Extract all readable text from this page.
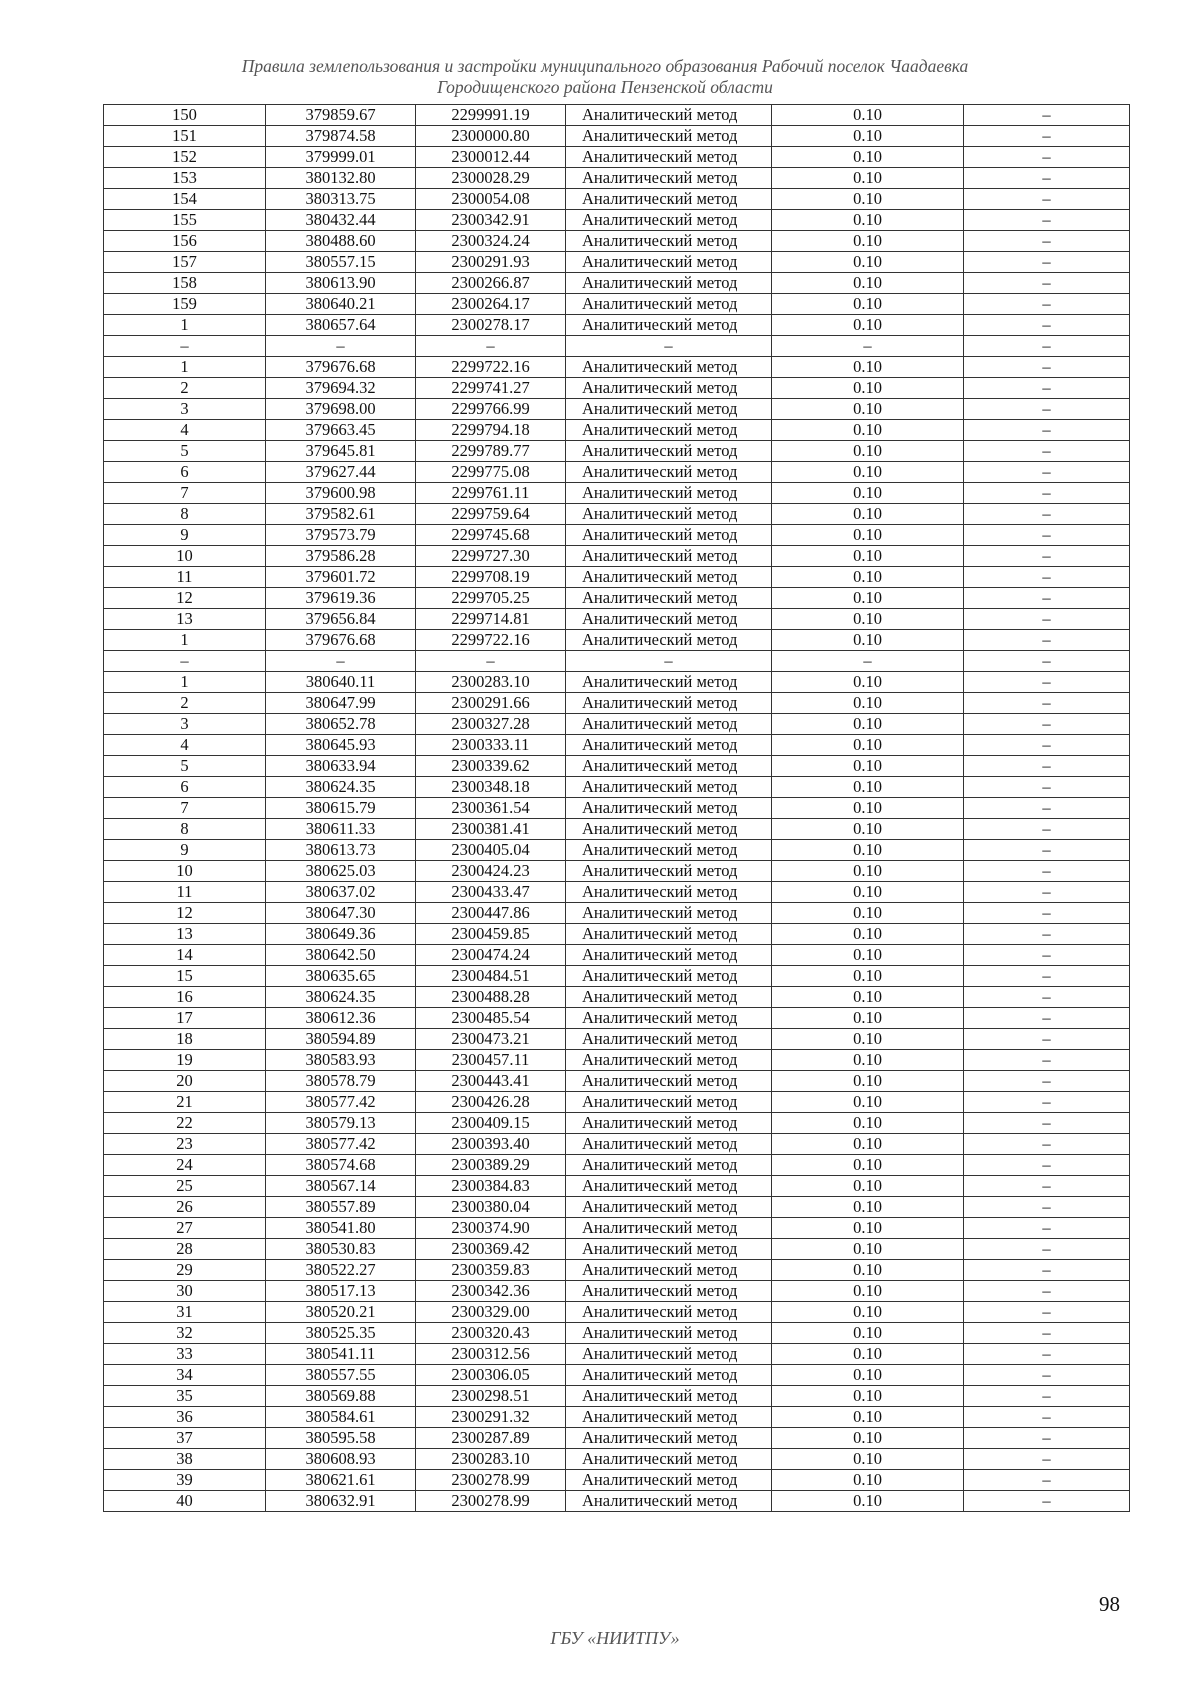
Правила землепользования и застройки муниципального образования Рабочий поселок Чаадаевка
Городищенского района Пензенской области
150	379859.67	2299991.19	Аналитический метод	0.10	–
151	379874.58	2300000.80	Аналитический метод	0.10	–
152	379999.01	2300012.44	Аналитический метод	0.10	–
153	380132.80	2300028.29	Аналитический метод	0.10	–
154	380313.75	2300054.08	Аналитический метод	0.10	–
155	380432.44	2300342.91	Аналитический метод	0.10	–
156	380488.60	2300324.24	Аналитический метод	0.10	–
157	380557.15	2300291.93	Аналитический метод	0.10	–
158	380613.90	2300266.87	Аналитический метод	0.10	–
159	380640.21	2300264.17	Аналитический метод	0.10	–
1	380657.64	2300278.17	Аналитический метод	0.10	–
–	–	–	–	–	–
1	379676.68	2299722.16	Аналитический метод	0.10	–
2	379694.32	2299741.27	Аналитический метод	0.10	–
3	379698.00	2299766.99	Аналитический метод	0.10	–
4	379663.45	2299794.18	Аналитический метод	0.10	–
5	379645.81	2299789.77	Аналитический метод	0.10	–
6	379627.44	2299775.08	Аналитический метод	0.10	–
7	379600.98	2299761.11	Аналитический метод	0.10	–
8	379582.61	2299759.64	Аналитический метод	0.10	–
9	379573.79	2299745.68	Аналитический метод	0.10	–
10	379586.28	2299727.30	Аналитический метод	0.10	–
11	379601.72	2299708.19	Аналитический метод	0.10	–
12	379619.36	2299705.25	Аналитический метод	0.10	–
13	379656.84	2299714.81	Аналитический метод	0.10	–
1	379676.68	2299722.16	Аналитический метод	0.10	–
–	–	–	–	–	–
1	380640.11	2300283.10	Аналитический метод	0.10	–
2	380647.99	2300291.66	Аналитический метод	0.10	–
3	380652.78	2300327.28	Аналитический метод	0.10	–
4	380645.93	2300333.11	Аналитический метод	0.10	–
5	380633.94	2300339.62	Аналитический метод	0.10	–
6	380624.35	2300348.18	Аналитический метод	0.10	–
7	380615.79	2300361.54	Аналитический метод	0.10	–
8	380611.33	2300381.41	Аналитический метод	0.10	–
9	380613.73	2300405.04	Аналитический метод	0.10	–
10	380625.03	2300424.23	Аналитический метод	0.10	–
11	380637.02	2300433.47	Аналитический метод	0.10	–
12	380647.30	2300447.86	Аналитический метод	0.10	–
13	380649.36	2300459.85	Аналитический метод	0.10	–
14	380642.50	2300474.24	Аналитический метод	0.10	–
15	380635.65	2300484.51	Аналитический метод	0.10	–
16	380624.35	2300488.28	Аналитический метод	0.10	–
17	380612.36	2300485.54	Аналитический метод	0.10	–
18	380594.89	2300473.21	Аналитический метод	0.10	–
19	380583.93	2300457.11	Аналитический метод	0.10	–
20	380578.79	2300443.41	Аналитический метод	0.10	–
21	380577.42	2300426.28	Аналитический метод	0.10	–
22	380579.13	2300409.15	Аналитический метод	0.10	–
23	380577.42	2300393.40	Аналитический метод	0.10	–
24	380574.68	2300389.29	Аналитический метод	0.10	–
25	380567.14	2300384.83	Аналитический метод	0.10	–
26	380557.89	2300380.04	Аналитический метод	0.10	–
27	380541.80	2300374.90	Аналитический метод	0.10	–
28	380530.83	2300369.42	Аналитический метод	0.10	–
29	380522.27	2300359.83	Аналитический метод	0.10	–
30	380517.13	2300342.36	Аналитический метод	0.10	–
31	380520.21	2300329.00	Аналитический метод	0.10	–
32	380525.35	2300320.43	Аналитический метод	0.10	–
33	380541.11	2300312.56	Аналитический метод	0.10	–
34	380557.55	2300306.05	Аналитический метод	0.10	–
35	380569.88	2300298.51	Аналитический метод	0.10	–
36	380584.61	2300291.32	Аналитический метод	0.10	–
37	380595.58	2300287.89	Аналитический метод	0.10	–
38	380608.93	2300283.10	Аналитический метод	0.10	–
39	380621.61	2300278.99	Аналитический метод	0.10	–
40	380632.91	2300278.99	Аналитический метод	0.10	–
98
ГБУ «НИИТПУ»
